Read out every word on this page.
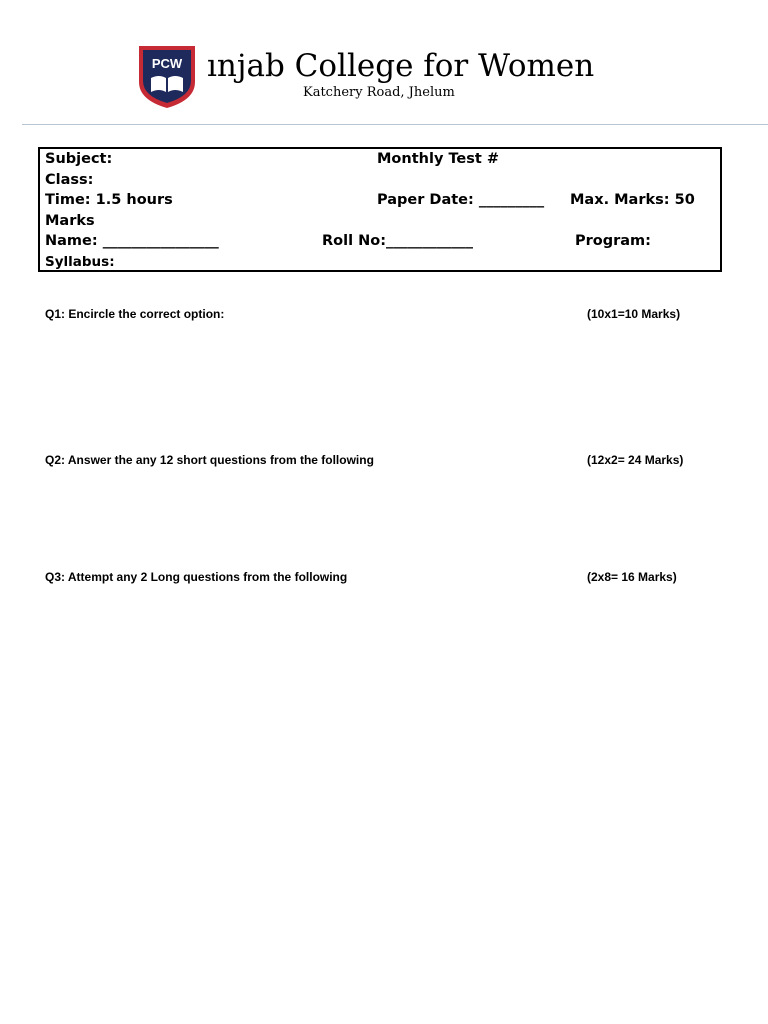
PCW ınjab College for Women
Katchery Road, Jhelum
Subject:	Monthly Test #
Class:
Time: 1.5 hours	Paper Date: _________ Max. Marks: 50
Marks
Name: ________________	Roll No:____________	Program:
Syllabus:
Q1: Encircle the correct option:	(10x1=10 Marks)
Q2: Answer the any 12 short questions from the following	(12x2= 24 Marks)
Q3: Attempt any 2 Long questions from the following	(2x8= 16 Marks)
